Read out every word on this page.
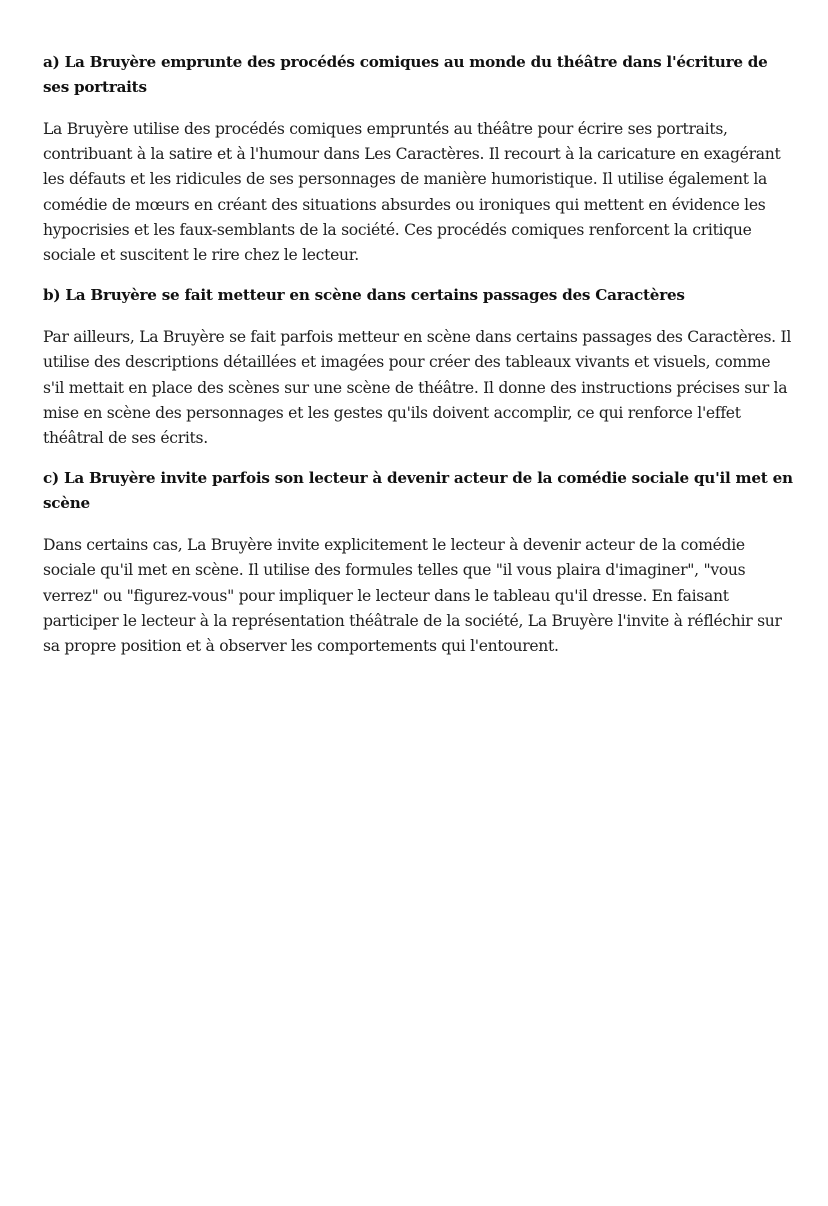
a) La Bruyère emprunte des procédés comiques au monde du théâtre dans l'écriture de ses portraits

La Bruyère utilise des procédés comiques empruntés au théâtre pour écrire ses portraits, contribuant à la satire et à l'humour dans Les Caractères. Il recourt à la caricature en exagérant les défauts et les ridicules de ses personnages de manière humoristique. Il utilise également la comédie de mœurs en créant des situations absurdes ou ironiques qui mettent en évidence les hypocrisies et les faux-semblants de la société. Ces procédés comiques renforcent la critique sociale et suscitent le rire chez le lecteur.

b) La Bruyère se fait metteur en scène dans certains passages des Caractères

Par ailleurs, La Bruyère se fait parfois metteur en scène dans certains passages des Caractères. Il utilise des descriptions détaillées et imagées pour créer des tableaux vivants et visuels, comme s'il mettait en place des scènes sur une scène de théâtre. Il donne des instructions précises sur la mise en scène des personnages et les gestes qu'ils doivent accomplir, ce qui renforce l'effet théâtral de ses écrits.

c) La Bruyère invite parfois son lecteur à devenir acteur de la comédie sociale qu'il met en scène

Dans certains cas, La Bruyère invite explicitement le lecteur à devenir acteur de la comédie sociale qu'il met en scène. Il utilise des formules telles que "il vous plaira d'imaginer", "vous verrez" ou "figurez-vous" pour impliquer le lecteur dans le tableau qu'il dresse. En faisant participer le lecteur à la représentation théâtrale de la société, La Bruyère l'invite à réfléchir sur sa propre position et à observer les comportements qui l'entourent.
